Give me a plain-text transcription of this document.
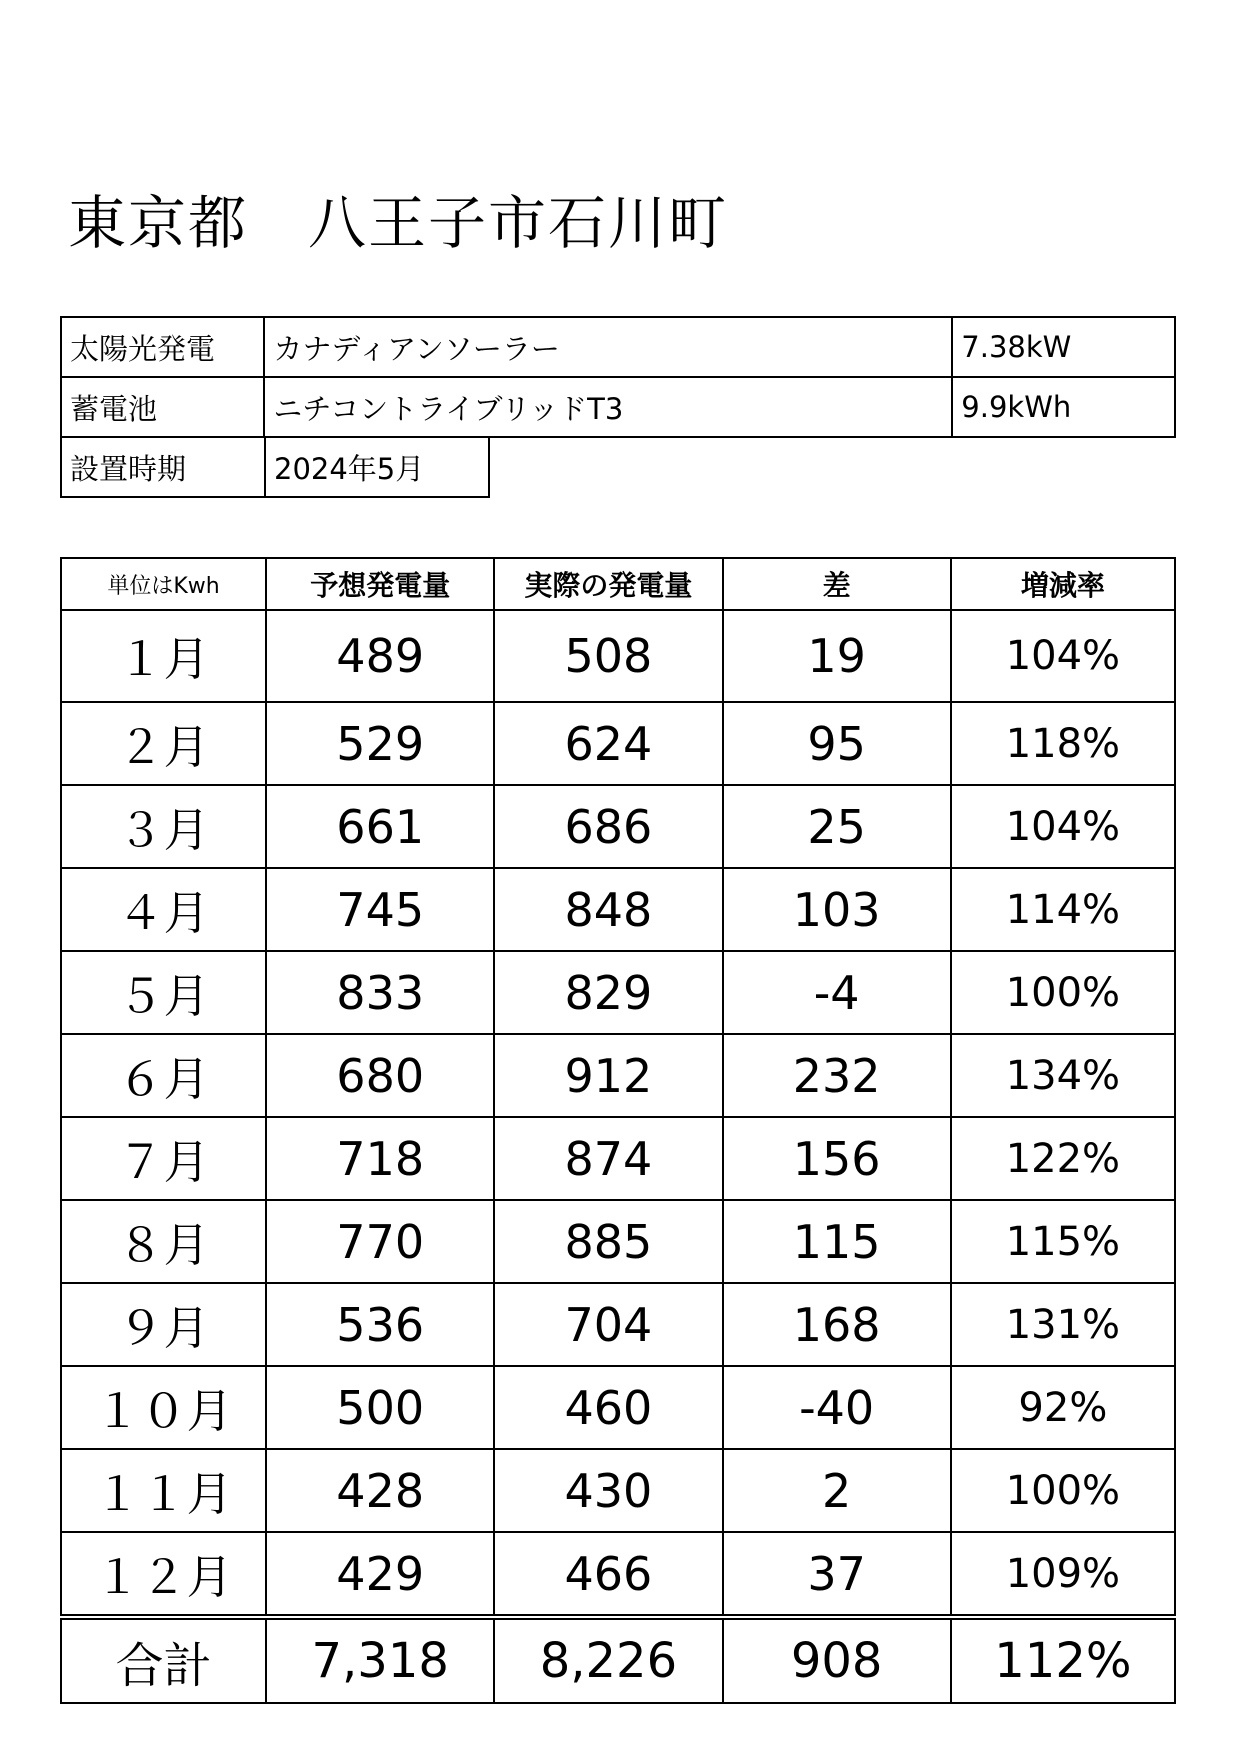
東京都　八王子市石川町
太陽光発電	カナディアンソーラー	7.38kW
蓄電池	ニチコントライブリッドT3	9.9kWh
設置時期	2024年5月
単位はKwh	予想発電量	実際の発電量	差	増減率
１月	489	508	19	104%
２月	529	624	95	118%
３月	661	686	25	104%
４月	745	848	103	114%
５月	833	829	-4	100%
６月	680	912	232	134%
７月	718	874	156	122%
８月	770	885	115	115%
９月	536	704	168	131%
１０月	500	460	-40	92%
１１月	428	430	2	100%
１２月	429	466	37	109%
合計	7,318	8,226	908	112%
